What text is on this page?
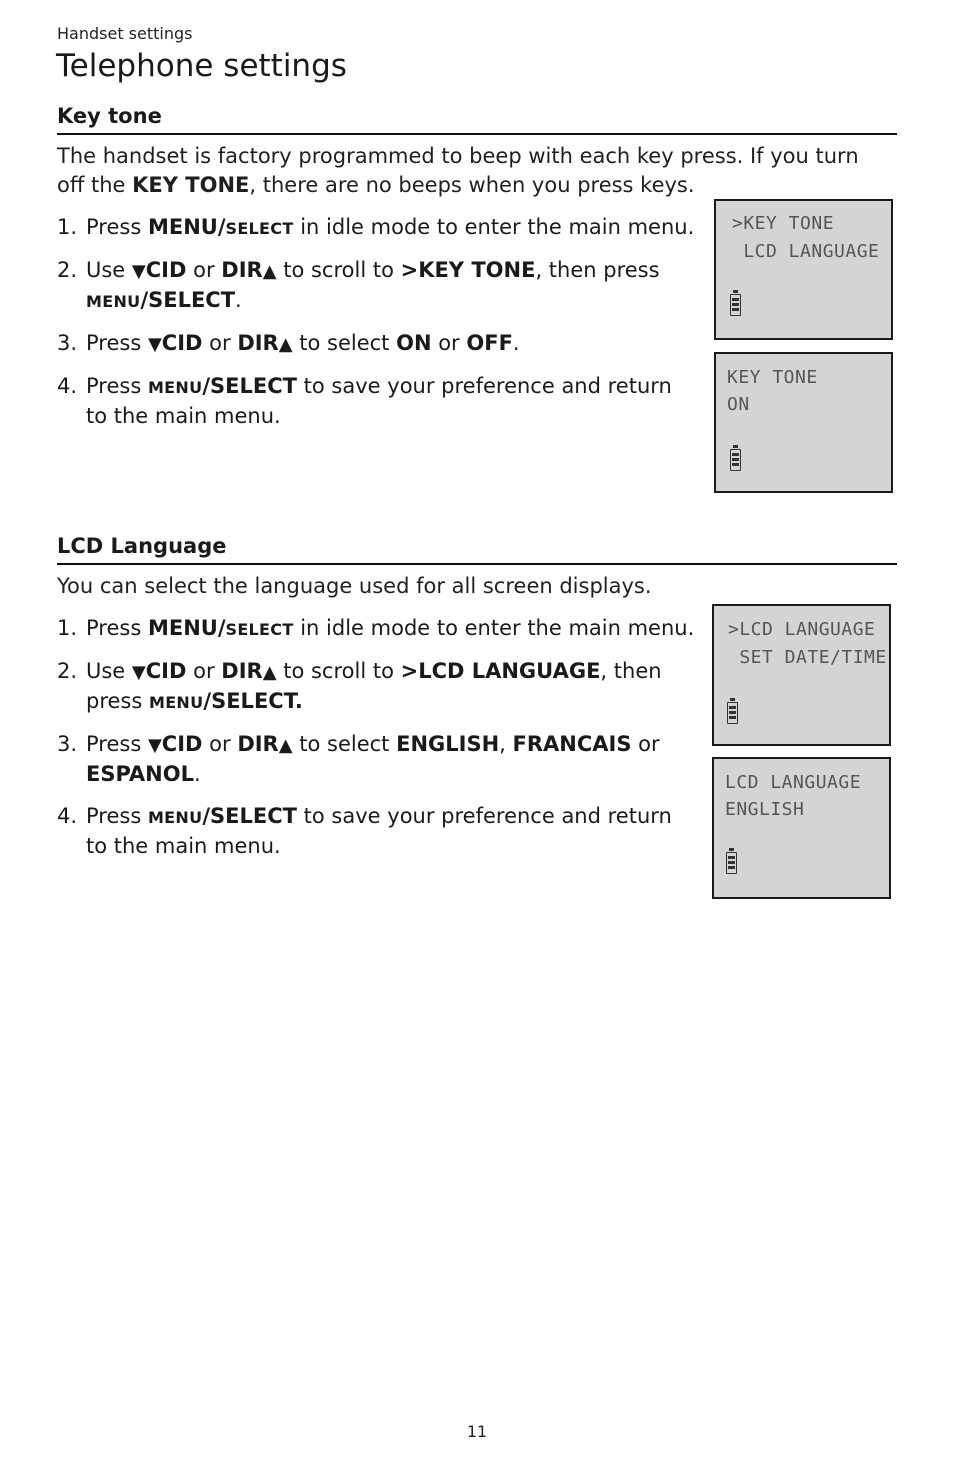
Handset settings
Telephone settings
Key tone
The handset is factory programmed to beep with each key press. If you turn off the KEY TONE, there are no beeps when you press keys.
1. Press MENU/SELECT in idle mode to enter the main menu.
2. Use ▼CID or DIR▲ to scroll to >KEY TONE, then press MENU/SELECT.
3. Press ▼CID or DIR▲ to select ON or OFF.
4. Press MENU/SELECT to save your preference and return to the main menu.
LCD Language
You can select the language used for all screen displays.
1. Press MENU/SELECT in idle mode to enter the main menu.
2. Use ▼CID or DIR▲ to scroll to >LCD LANGUAGE, then press MENU/SELECT.
3. Press ▼CID or DIR▲ to select ENGLISH, FRANCAIS or ESPANOL.
4. Press MENU/SELECT to save your preference and return to the main menu.
>KEY TONE
LCD LANGUAGE
KEY TONE
ON
>LCD LANGUAGE
SET DATE/TIME
LCD LANGUAGE
ENGLISH
11
